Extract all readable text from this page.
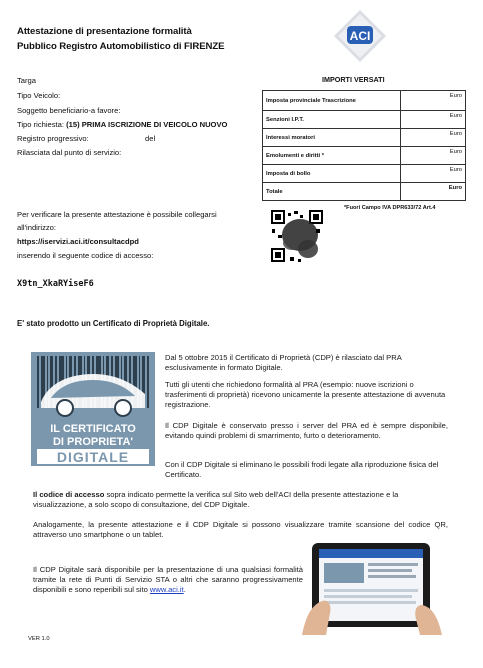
Attestazione di presentazione formalità
Pubblico Registro Automobilistico di FIRENZE
ACI
Targa
Tipo Veicolo:
Soggetto beneficiario-a favore:
Tipo richiesta: (15) PRIMA ISCRIZIONE DI VEICOLO NUOVO
Registro progressivo:	del
Rilasciata dal punto di servizio:
IMPORTI VERSATI
Imposta provinciale Trascrizione	Euro
Senzioni I.P.T.	Euro
Interessi moratori	Euro
Emolumenti e diritti *	Euro
Imposta di bollo	Euro
Totale	Euro
*Fuori Campo IVA DPR633/72 Art.4
Per verificare la presente attestazione è possibile collegarsi
all'indirizzo:
https://iservizi.aci.it/consultacdpd
inserendo il seguente codice di accesso:
X9tn_XkaRYiseF6
E' stato prodotto un Certificato di Proprietà Digitale.
IL CERTIFICATO
DI PROPRIETA'
DIGITALE
Dal 5 ottobre 2015 il Certificato di Proprietà (CDP) è rilasciato dal PRA esclusivamente in formato Digitale.
Tutti gli utenti che richiedono formalità al PRA (esempio: nuove iscrizioni o trasferimenti di proprietà) ricevono unicamente la presente attestazione di avvenuta registrazione.
Il CDP Digitale è conservato presso i server del PRA ed è sempre disponibile, evitando quindi problemi di smarrimento, furto o deterioramento.
Con il CDP Digitale si eliminano le possibili frodi legate alla riproduzione fisica del Certificato.
Il codice di accesso sopra indicato permette la verifica sul Sito web dell'ACI della presente attestazione e la visualizzazione, a solo scopo di consultazione, del CDP Digitale.
Analogamente, la presente attestazione e il CDP Digitale si possono visualizzare tramite scansione del codice QR, attraverso uno smartphone o un tablet.
Il CDP Digitale sarà disponibile per la presentazione di una qualsiasi formalità tramite la rete di Punti di Servizio STA o altri che saranno progressivamente disponibili e sono reperibili sul sito www.aci.it.
VER 1.0
